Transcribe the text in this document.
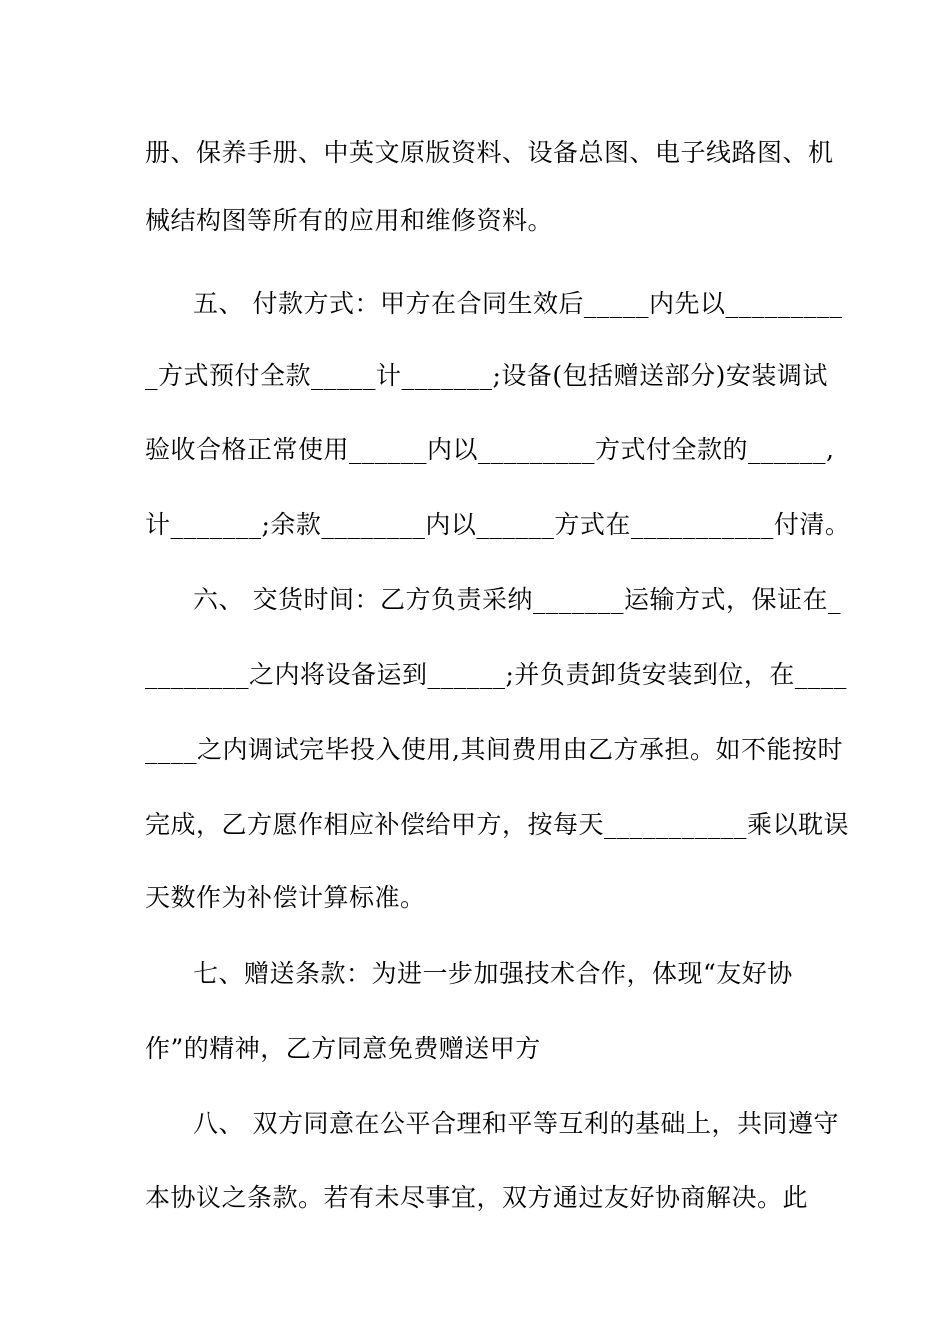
册、保养手册、中英文原版资料、设备总图、电子线路图、机
械结构图等所有的应用和维修资料。
五、 付款方式：甲方在合同生效后_____内先以_________
_方式预付全款_____计_______;设备(包括赠送部分)安装调试
验收合格正常使用______内以_________方式付全款的______,
计_______;余款________内以______方式在___________付清。
六、 交货时间：乙方负责采纳_______运输方式，保证在_
________之内将设备运到______;并负责卸货安装到位，在____
____之内调试完毕投入使用,其间费用由乙方承担。如不能按时
完成，乙方愿作相应补偿给甲方，按每天___________乘以耽误
天数作为补偿计算标准。
七、赠送条款：为进一步加强技术合作，体现“友好协
作”的精神，乙方同意免费赠送甲方
八、 双方同意在公平合理和平等互利的基础上，共同遵守
本协议之条款。若有未尽事宜，双方通过友好协商解决。此
